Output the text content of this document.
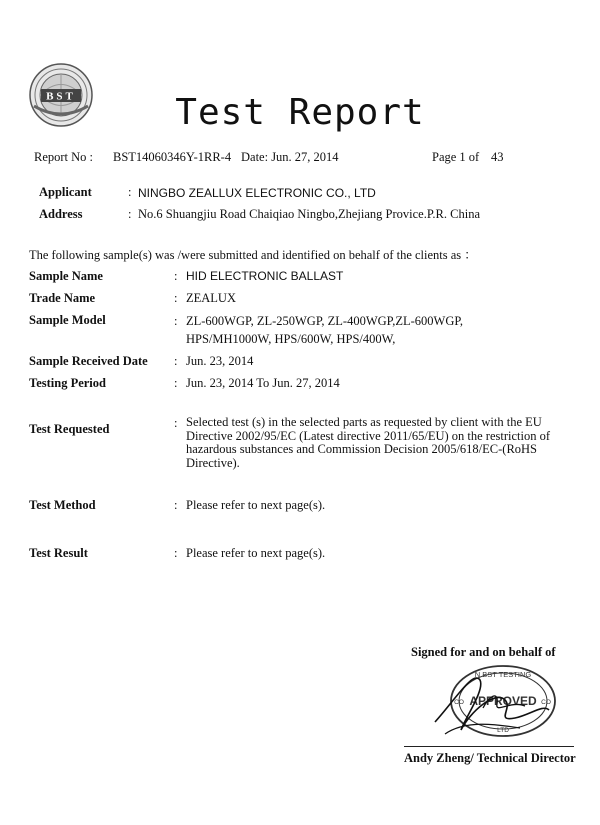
BST	Test Report
Report No : BST14060346Y-1RR-4 Date: Jun. 27, 2014	Page 1 of 43
Applicant	: NINGBO ZEALLUX ELECTRONIC CO., LTD
Address	: No.6 Shuangjiu Road Chaiqiao Ningbo,Zhejiang Provice.P.R. China
The following sample(s) was /were submitted and identified on behalf of the clients as ：
Sample Name	: HID ELECTRONIC BALLAST
Trade Name	: ZEALUX
Sample Model	: ZL-600WGP, ZL-250WGP, ZL-400WGP,ZL-600WGP,
HPS/MH1000W, HPS/600W, HPS/400W,
Sample Received Date : Jun. 23, 2014
Testing Period	: Jun. 23, 2014 To Jun. 27, 2014
Test Requested	: Selected test (s) in the selected parts as requested by client with the EU Directive 2002/95/EC (Latest directive 2011/65/EU) on the restriction of hazardous substances and Commission Decision 2005/618/EC-(RoHS Directive).
Test Method	: Please refer to next page(s).
Test Result	: Please refer to next page(s).
Signed for and on behalf of
N BST TESTING
APPROVED
CO	CO
LTD
Andy Zheng/ Technical Director
